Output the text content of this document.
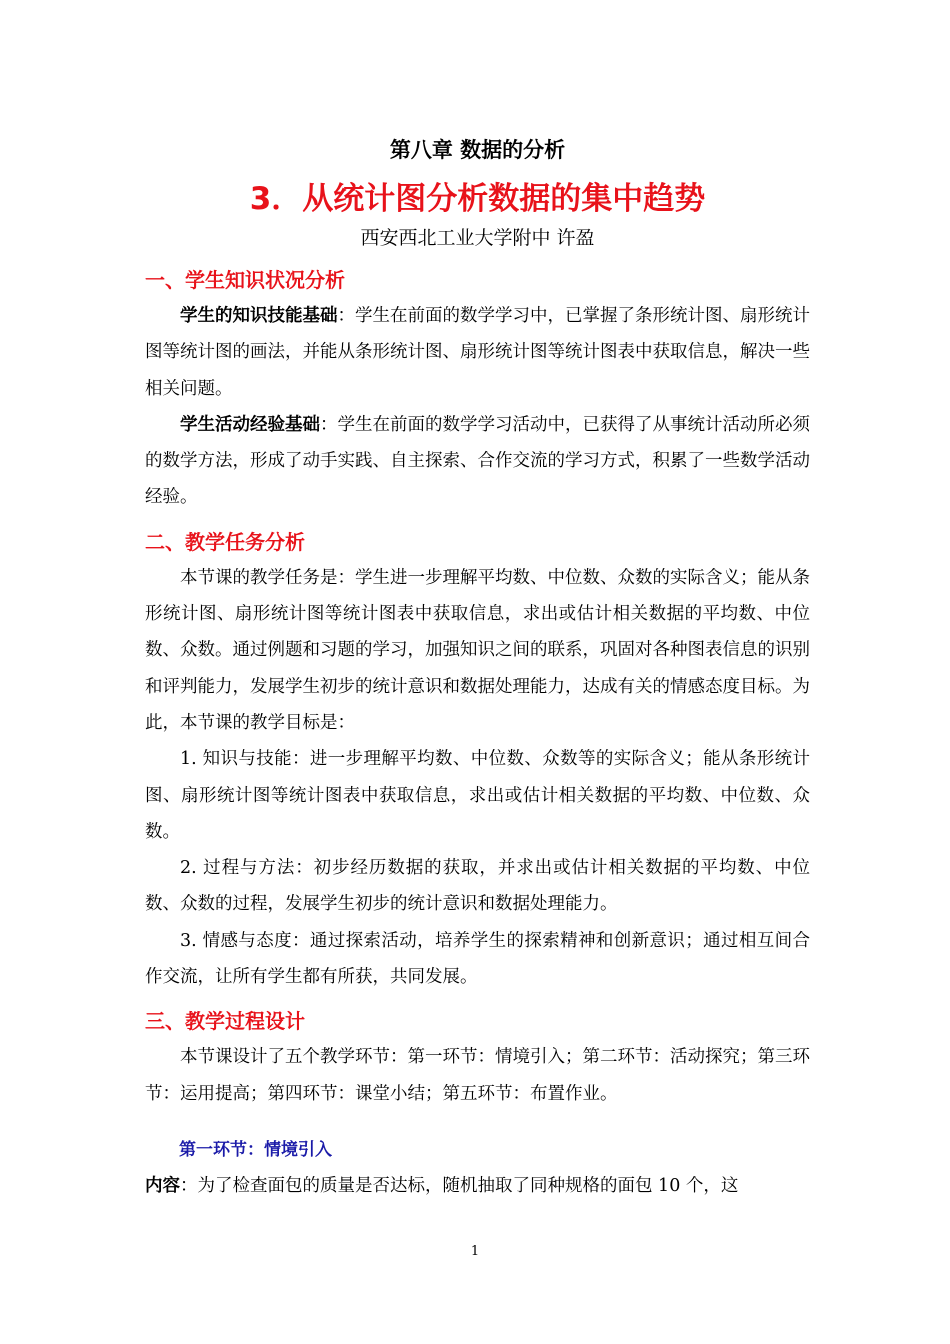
第八章 数据的分析
3．从统计图分析数据的集中趋势
西安西北工业大学附中 许盈
一、学生知识状况分析

学生的知识技能基础：学生在前面的数学学习中，已掌握了条形统计图、扇形统计图等统计图的画法，并能从条形统计图、扇形统计图等统计图表中获取信息，解决一些相关问题。

学生活动经验基础：学生在前面的数学学习活动中，已获得了从事统计活动所必须的数学方法，形成了动手实践、自主探索、合作交流的学习方式，积累了一些数学活动经验。

二、教学任务分析

本节课的教学任务是：学生进一步理解平均数、中位数、众数的实际含义；能从条形统计图、扇形统计图等统计图表中获取信息，求出或估计相关数据的平均数、中位数、众数。通过例题和习题的学习，加强知识之间的联系，巩固对各种图表信息的识别和评判能力，发展学生初步的统计意识和数据处理能力，达成有关的情感态度目标。为此，本节课的教学目标是：

1. 知识与技能：进一步理解平均数、中位数、众数等的实际含义；能从条形统计图、扇形统计图等统计图表中获取信息，求出或估计相关数据的平均数、中位数、众数。

2. 过程与方法：初步经历数据的获取，并求出或估计相关数据的平均数、中位数、众数的过程，发展学生初步的统计意识和数据处理能力。

3. 情感与态度：通过探索活动，培养学生的探索精神和创新意识；通过相互间合作交流，让所有学生都有所获，共同发展。

三、教学过程设计

本节课设计了五个教学环节：第一环节：情境引入；第二环节：活动探究；第三环节：运用提高；第四环节：课堂小结；第五环节：布置作业。

第一环节：情境引入

内容：为了检查面包的质量是否达标，随机抽取了同种规格的面包 10 个，这

1
